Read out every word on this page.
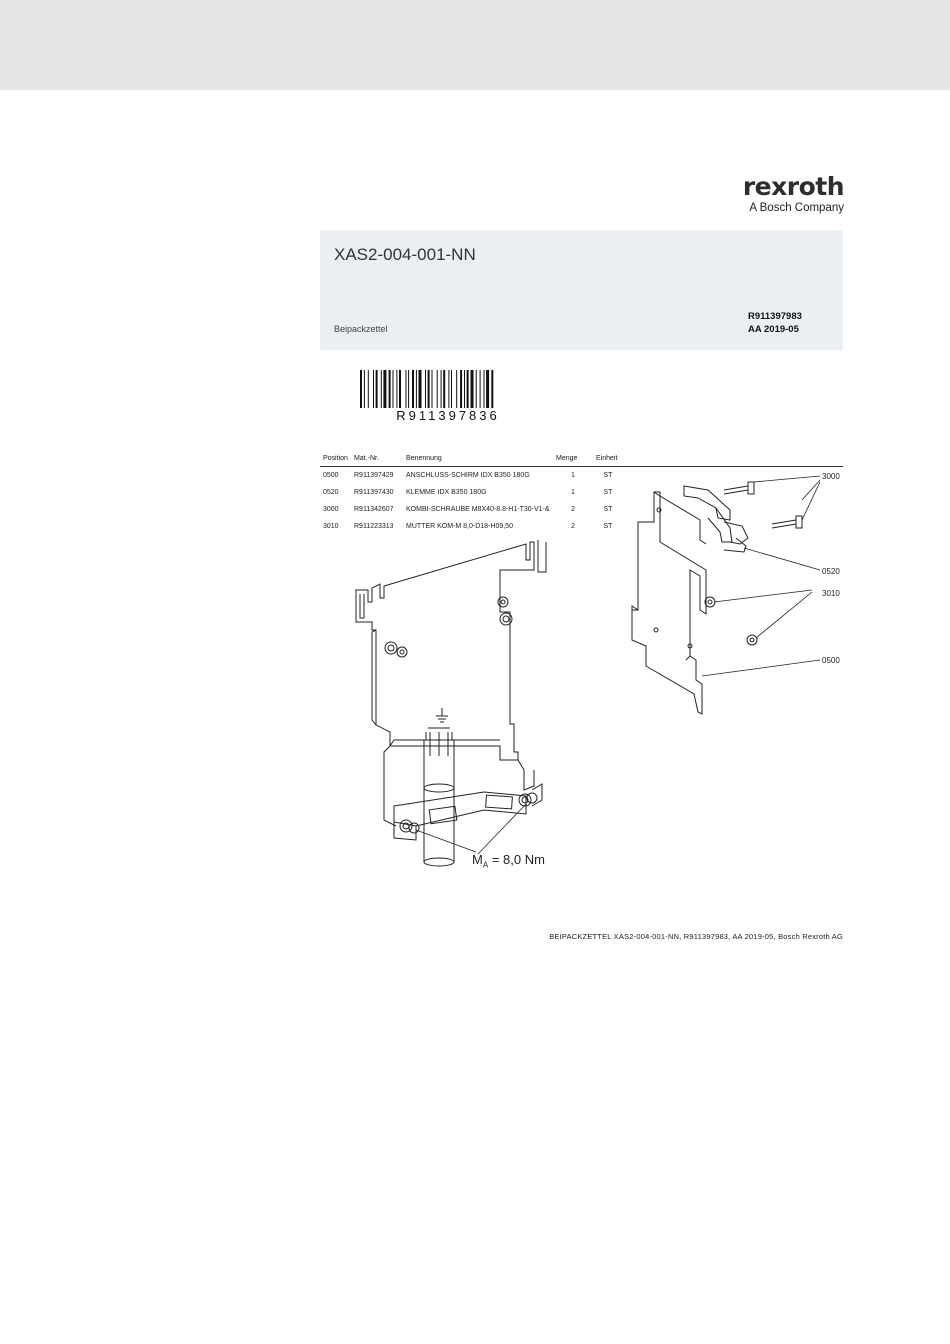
rexroth
A Bosch Company
XAS2-004-001-NN
Beipackzettel
R911397983
AA 2019-05
R911397836
Position	Mat.-Nr.	Benennung	Menge	Einheit	
0500	R911397429	ANSCHLUSS-SCHIRM IDX B350 180G	1	ST	
0520	R911397430	KLEMME IDX B350 180G	1	ST	
3000	R911342607	KOMBI-SCHRAUBE M8X40-8.8-H1-T30-V1-&	2	ST	
3010	R911223313	MUTTER KOM-M 8,0-D18-H09,50	2	ST	
3000
0520
3010
0500
$M_A = 8,0$ Nm
BEIPACKZETTEL XAS2-004-001-NN, R911397983, AA 2019-05, Bosch Rexroth AG
